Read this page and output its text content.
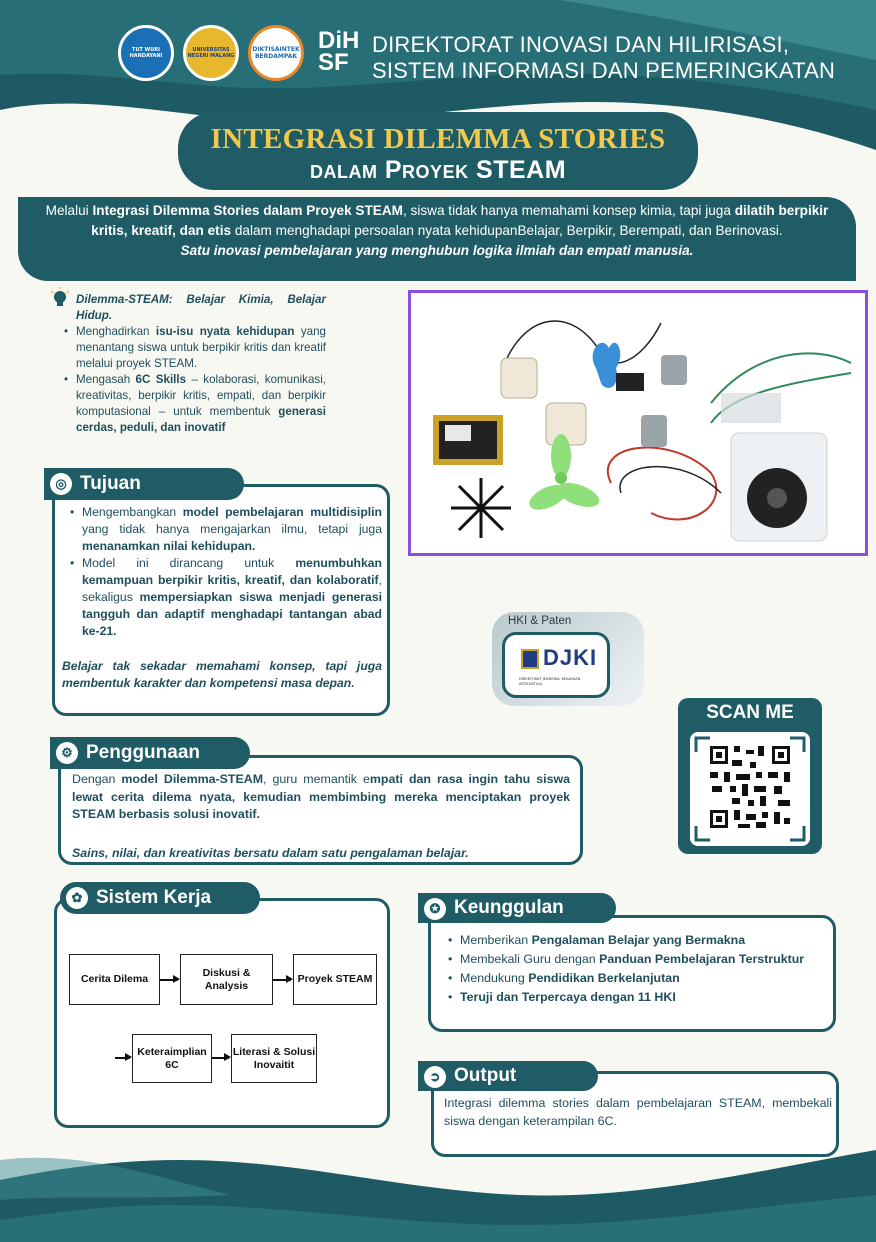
TUT WURI HANDAYANI
UNIVERSITAS NEGERI MALANG
DIKTISAINTEK BERDAMPAK
DiH SF
DIREKTORAT INOVASI DAN HILIRISASI,
SISTEM INFORMASI DAN PEMERINGKATAN
INTEGRASI DILEMMA STORIES
dalam Proyek STEAM
Melalui Integrasi Dilemma Stories dalam Proyek STEAM, siswa tidak hanya memahami konsep kimia, tapi juga dilatih berpikir kritis, kreatif, dan etis dalam menghadapi persoalan nyata kehidupanBelajar, Berpikir, Berempati, dan Berinovasi.
Satu inovasi pembelajaran yang menghubun logika ilmiah dan empati manusia.
Dilemma-STEAM: Belajar Kimia, Belajar Hidup.
• Menghadirkan isu-isu nyata kehidupan yang menantang siswa untuk berpikir kritis dan kreatif melalui proyek STEAM.
• Mengasah 6C Skills – kolaborasi, komunikasi, kreativitas, berpikir kritis, empati, dan berpikir komputasional – untuk membentuk generasi cerdas, peduli, dan inovatif
◎ Tujuan
• Mengembangkan model pembelajaran multidisiplin yang tidak hanya mengajarkan ilmu, tetapi juga menanamkan nilai kehidupan.
• Model ini dirancang untuk menumbuhkan kemampuan berpikir kritis, kreatif, dan kolaboratif, sekaligus mempersiapkan siswa menjadi generasi tangguh dan adaptif menghadapi tantangan abad ke-21.
Belajar tak sekadar memahami konsep, tapi juga membentuk karakter dan kompetensi masa depan.
HKI & Paten
DJKI
DIREKTORAT JENDERAL KEKAYAAN INTELEKTUAL
SCAN ME
⚙ Penggunaan
Dengan model Dilemma-STEAM, guru memantik empati dan rasa ingin tahu siswa lewat cerita dilema nyata, kemudian membimbing mereka menciptakan proyek STEAM berbasis solusi inovatif.
Sains, nilai, dan kreativitas bersatu dalam satu pengalaman belajar.
✿ Sistem Kerja
Cerita Dilema
Diskusi & Analysis
Proyek STEAM
Keteraimplian 6C
Literasi & Solusi Inovaitit
✪ Keunggulan
• Memberikan Pengalaman Belajar yang Bermakna
• Membekali Guru dengan Panduan Pembelajaran Terstruktur
• Mendukung Pendidikan Berkelanjutan
• Teruji dan Terpercaya dengan 11 HKI
➲ Output
Integrasi dilemma stories dalam pembelajaran STEAM, membekali siswa dengan keterampilan 6C.
